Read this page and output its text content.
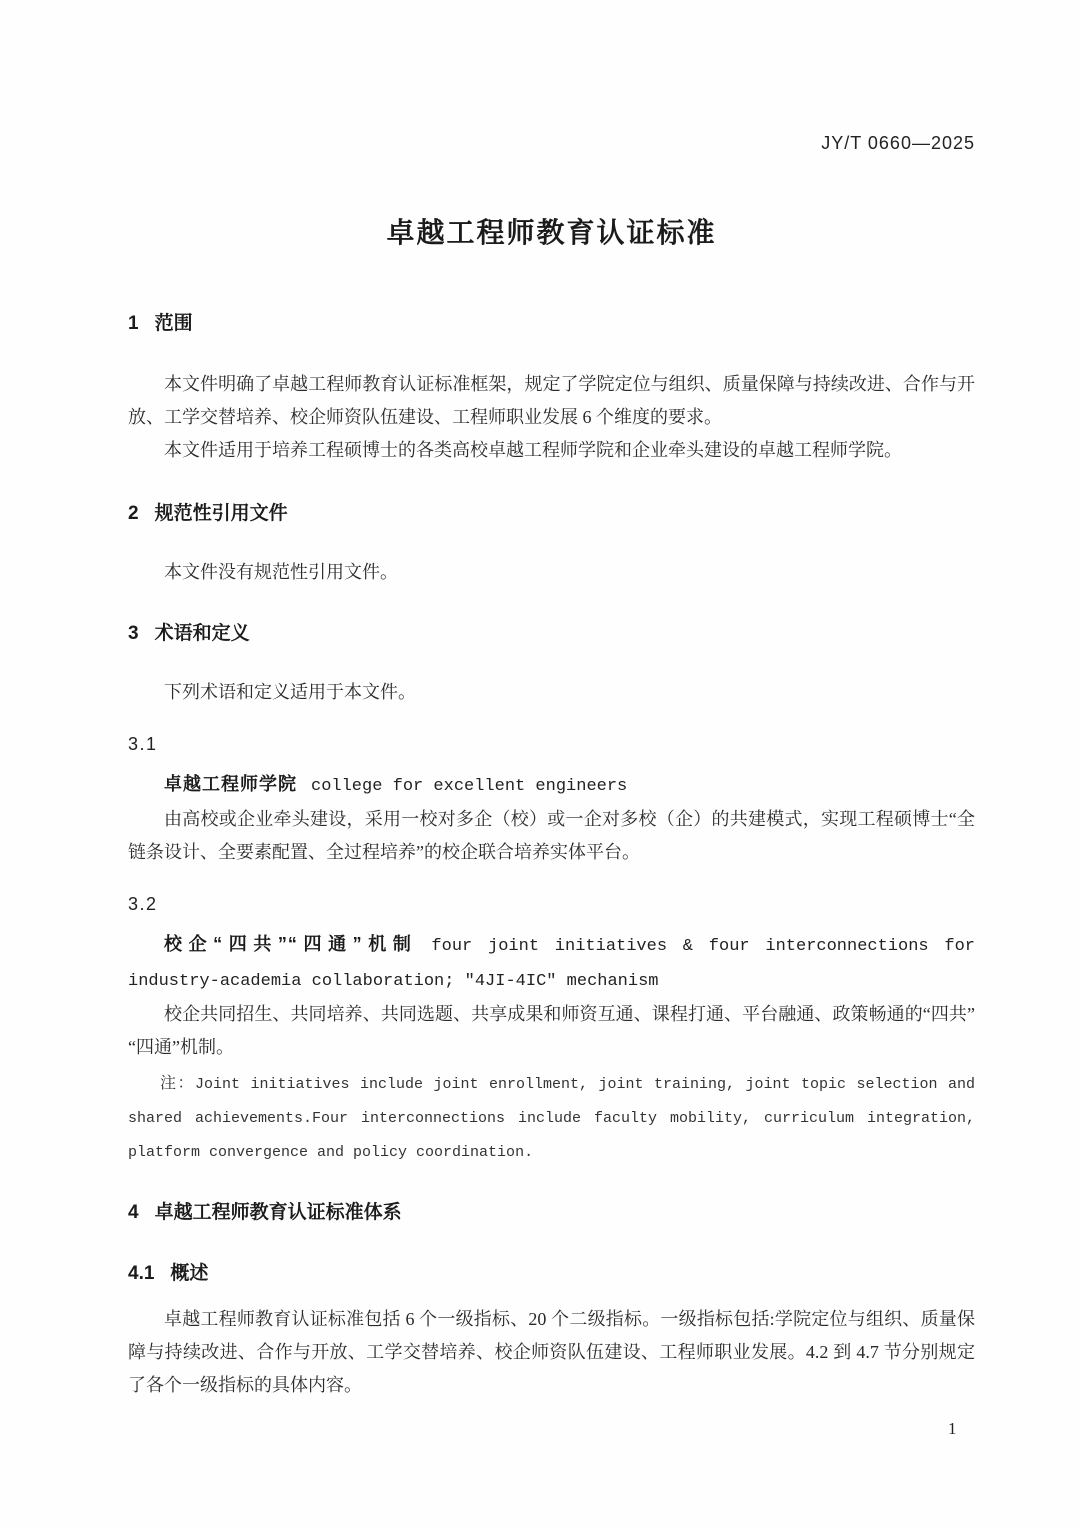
JY/T 0660—2025
卓越工程师教育认证标准
1 范围

本文件明确了卓越工程师教育认证标准框架，规定了学院定位与组织、质量保障与持续改进、合作与开放、工学交替培养、校企师资队伍建设、工程师职业发展 6 个维度的要求。

本文件适用于培养工程硕博士的各类高校卓越工程师学院和企业牵头建设的卓越工程师学院。

2 规范性引用文件

本文件没有规范性引用文件。

3 术语和定义

下列术语和定义适用于本文件。

3.1

卓越工程师学院 college for excellent engineers

由高校或企业牵头建设，采用一校对多企（校）或一企对多校（企）的共建模式，实现工程硕博士“全链条设计、全要素配置、全过程培养”的校企联合培养实体平台。

3.2

校企“四共”“四通”机制 four joint initiatives & four interconnections for industry-academia collaboration; "4JI-4IC" mechanism

校企共同招生、共同培养、共同选题、共享成果和师资互通、课程打通、平台融通、政策畅通的“四共”“四通”机制。

注：Joint initiatives include joint enrollment, joint training, joint topic selection and shared achievements.Four interconnections include faculty mobility, curriculum integration, platform convergence and policy coordination.

4 卓越工程师教育认证标准体系
4.1 概述

卓越工程师教育认证标准包括 6 个一级指标、20 个二级指标。一级指标包括:学院定位与组织、质量保障与持续改进、合作与开放、工学交替培养、校企师资队伍建设、工程师职业发展。4.2 到 4.7 节分别规定了各个一级指标的具体内容。

1
